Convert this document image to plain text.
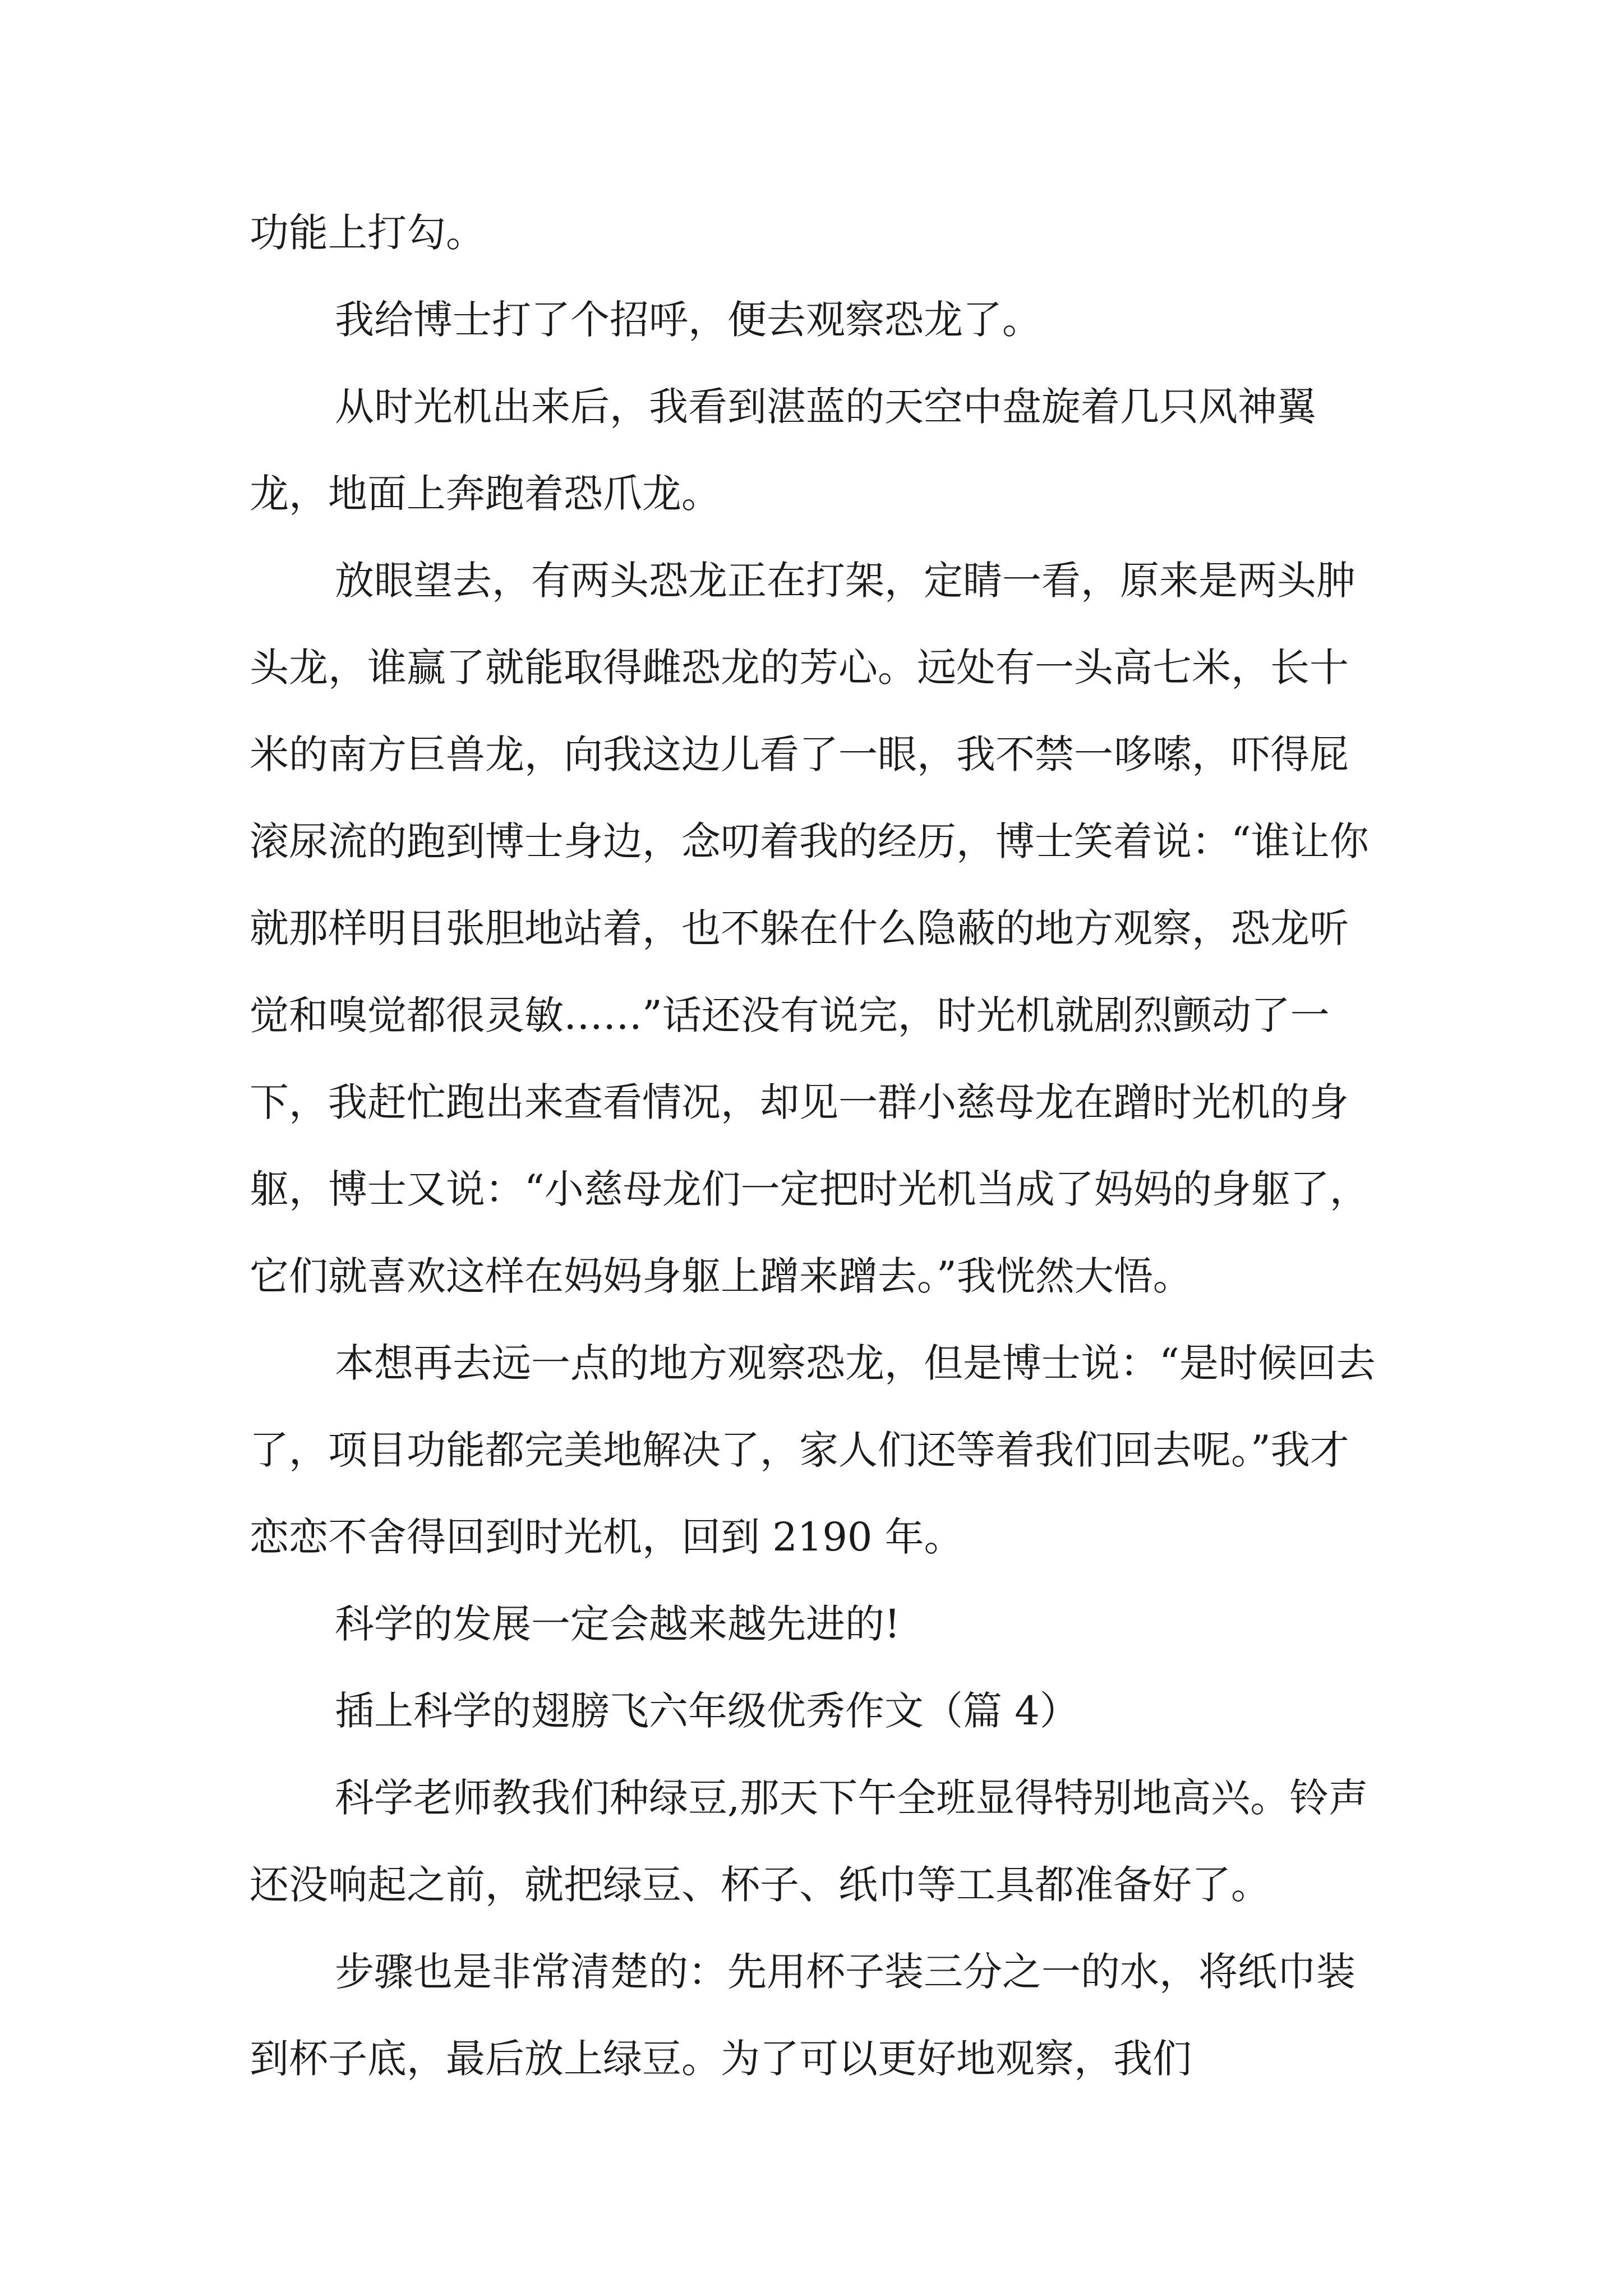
功能上打勾。

我给博士打了个招呼，便去观察恐龙了。

从时光机出来后，我看到湛蓝的天空中盘旋着几只风神翼龙，地面上奔跑着恐爪龙。

放眼望去，有两头恐龙正在打架，定睛一看，原来是两头肿头龙，谁赢了就能取得雌恐龙的芳心。远处有一头高七米，长十米的南方巨兽龙，向我这边儿看了一眼，我不禁一哆嗦，吓得屁滚尿流的跑到博士身边，念叨着我的经历，博士笑着说：“谁让你就那样明目张胆地站着，也不躲在什么隐蔽的地方观察，恐龙听觉和嗅觉都很灵敏……”话还没有说完，时光机就剧烈颤动了一下，我赶忙跑出来查看情况，却见一群小慈母龙在蹭时光机的身躯，博士又说：“小慈母龙们一定把时光机当成了妈妈的身躯了，它们就喜欢这样在妈妈身躯上蹭来蹭去。”我恍然大悟。

本想再去远一点的地方观察恐龙，但是博士说：“是时候回去了，项目功能都完美地解决了，家人们还等着我们回去呢。”我才恋恋不舍得回到时光机，回到 2190 年。

科学的发展一定会越来越先进的!

插上科学的翅膀飞六年级优秀作文（篇 4）

科学老师教我们种绿豆,那天下午全班显得特别地高兴。铃声还没响起之前，就把绿豆、杯子、纸巾等工具都准备好了。

步骤也是非常清楚的：先用杯子装三分之一的水，将纸巾装到杯子底，最后放上绿豆。为了可以更好地观察，我们
